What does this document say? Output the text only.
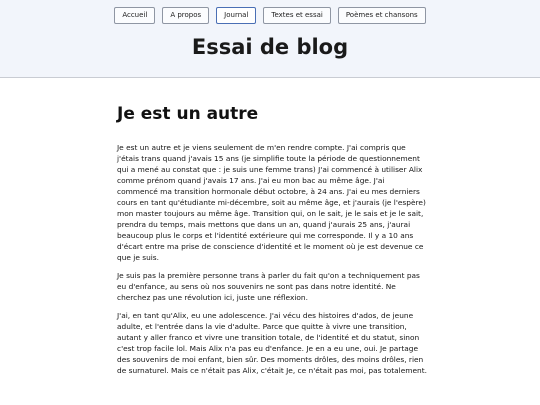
Accueil	A propos	Journal	Textes et essai	Poèmes et chansons
Essai de blog
Je est un autre

Je est un autre et je viens seulement de m'en rendre compte. J'ai compris que j'étais trans quand j'avais 15 ans (je simplifie toute la période de questionnement qui a mené au constat que : je suis une femme trans) J'ai commencé à utiliser Alix comme prénom quand j'avais 17 ans. J'ai eu mon bac au même âge. J'ai commencé ma transition hormonale début octobre, à 24 ans. J'ai eu mes derniers cours en tant qu'étudiante mi-décembre, soit au même âge, et j'aurais (je l'espère) mon master toujours au même âge. Transition qui, on le sait, je le sais et je le sait, prendra du temps, mais mettons que dans un an, quand j'aurais 25 ans, j'aurai beaucoup plus le corps et l'identité extérieure qui me corresponde. Il y a 10 ans d'écart entre ma prise de conscience d'identité et le moment où je est devenue ce que je suis.

Je suis pas la première personne trans à parler du fait qu'on a techniquement pas eu d'enfance, au sens où nos souvenirs ne sont pas dans notre identité. Ne cherchez pas une révolution ici, juste une réflexion.

J'ai, en tant qu'Alix, eu une adolescence. J'ai vécu des histoires d'ados, de jeune adulte, et l'entrée dans la vie d'adulte. Parce que quitte à vivre une transition, autant y aller franco et vivre une transition totale, de l'identité et du statut, sinon c'est trop facile lol. Mais Alix n'a pas eu d'enfance. Je en a eu une, oui. Je partage des souvenirs de moi enfant, bien sûr. Des moments drôles, des moins drôles, rien de surnaturel. Mais ce n'était pas Alix, c'était Je, ce n'était pas moi, pas totalement.
